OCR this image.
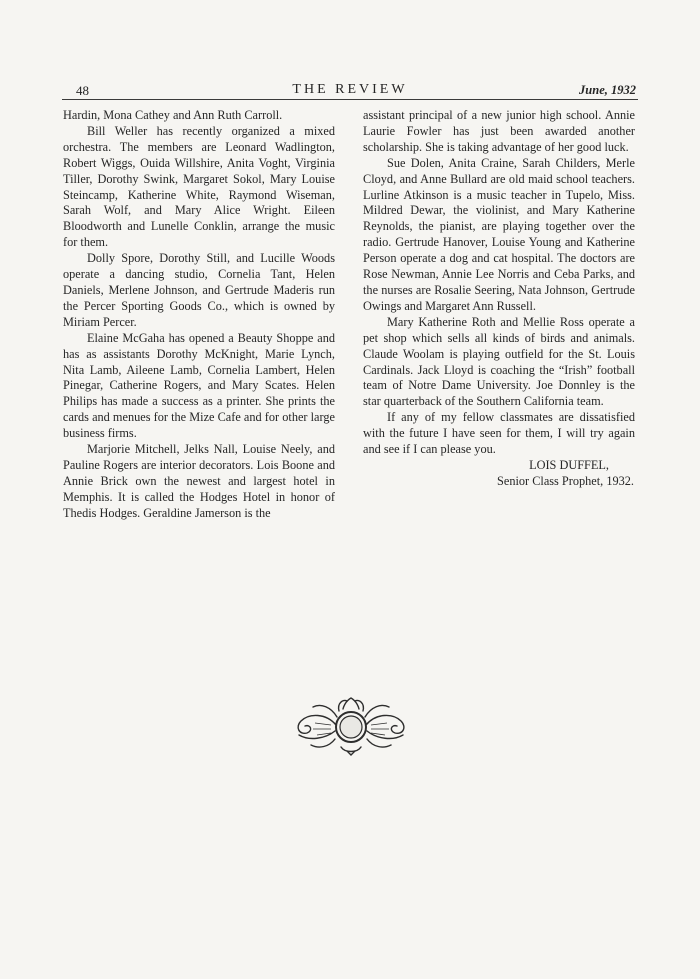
48	THE REVIEW	June, 1932

Hardin, Mona Cathey and Ann Ruth Carroll.

Bill Weller has recently organized a mixed orchestra. The members are Leonard Wadlington, Robert Wiggs, Ouida Willshire, Anita Voght, Virginia Tiller, Dorothy Swink, Margaret Sokol, Mary Louise Steincamp, Katherine White, Raymond Wiseman, Sarah Wolf, and Mary Alice Wright. Eileen Bloodworth and Lunelle Conklin, arrange the music for them.

Dolly Spore, Dorothy Still, and Lucille Woods operate a dancing studio, Cornelia Tant, Helen Daniels, Merlene Johnson, and Gertrude Maderis run the Percer Sporting Goods Co., which is owned by Miriam Percer.

Elaine McGaha has opened a Beauty Shoppe and has as assistants Dorothy McKnight, Marie Lynch, Nita Lamb, Aileene Lamb, Cornelia Lambert, Helen Pinegar, Catherine Rogers, and Mary Scates. Helen Philips has made a success as a printer. She prints the cards and menues for the Mize Cafe and for other large business firms.

Marjorie Mitchell, Jelks Nall, Louise Neely, and Pauline Rogers are interior decorators. Lois Boone and Annie Brick own the newest and largest hotel in Memphis. It is called the Hodges Hotel in honor of Thedis Hodges. Geraldine Jamerson is the

assistant principal of a new junior high school. Annie Laurie Fowler has just been awarded another scholarship. She is taking advantage of her good luck.

Sue Dolen, Anita Craine, Sarah Childers, Merle Cloyd, and Anne Bullard are old maid school teachers. Lurline Atkinson is a music teacher in Tupelo, Miss. Mildred Dewar, the violinist, and Mary Katherine Reynolds, the pianist, are playing together over the radio. Gertrude Hanover, Louise Young and Katherine Person operate a dog and cat hospital. The doctors are Rose Newman, Annie Lee Norris and Ceba Parks, and the nurses are Rosalie Seering, Nata Johnson, Gertrude Owings and Margaret Ann Russell.

Mary Katherine Roth and Mellie Ross operate a pet shop which sells all kinds of birds and animals. Claude Woolam is playing outfield for the St. Louis Cardinals. Jack Lloyd is coaching the “Irish” football team of Notre Dame University. Joe Donnley is the star quarterback of the Southern California team.

If any of my fellow classmates are dissatisfied with the future I have seen for them, I will try again and see if I can please you.

LOIS DUFFEL,

Senior Class Prophet, 1932.
